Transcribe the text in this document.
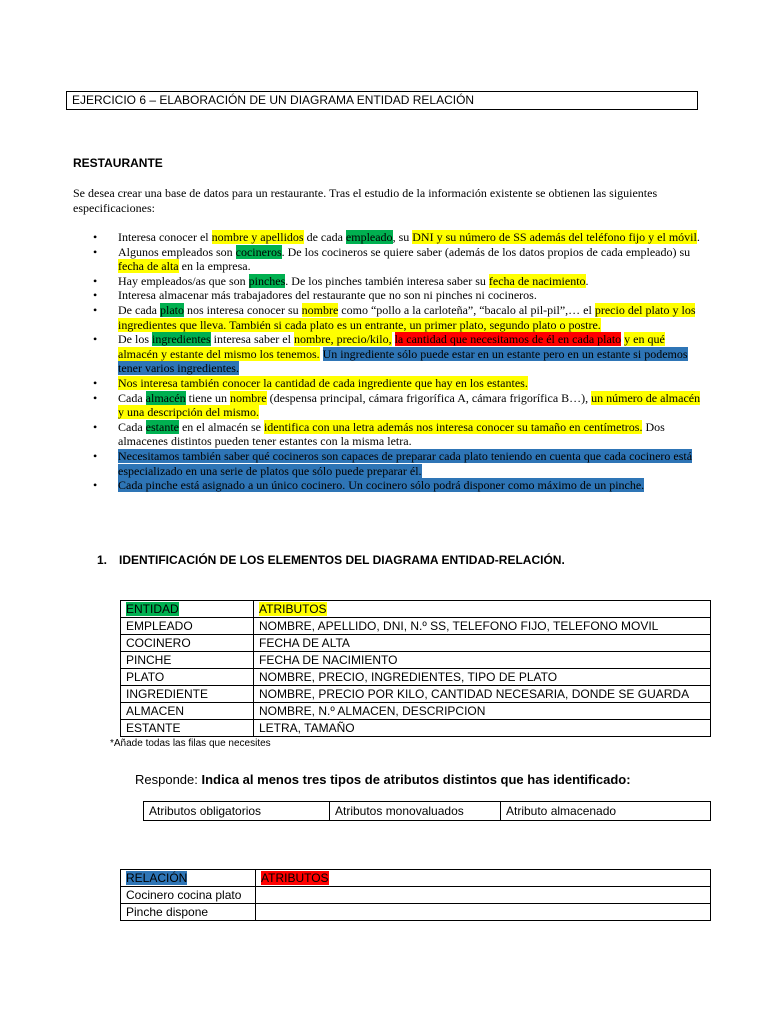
EJERCICIO 6 – ELABORACIÓN DE UN DIAGRAMA ENTIDAD RELACIÓN
RESTAURANTE
Se desea crear una base de datos para un restaurante. Tras el estudio de la información existente se obtienen las siguientes especificaciones:
• Interesa conocer el nombre y apellidos de cada empleado, su DNI y su número de SS además del teléfono fijo y el móvil.
• Algunos empleados son cocineros. De los cocineros se quiere saber (además de los datos propios de cada empleado) su fecha de alta en la empresa.
• Hay empleados/as que son pinches. De los pinches también interesa saber su fecha de nacimiento.
• Interesa almacenar más trabajadores del restaurante que no son ni pinches ni cocineros.
• De cada plato nos interesa conocer su nombre como “pollo a la carloteña”, “bacalo al pil-pil”,… el precio del plato y los ingredientes que lleva. También si cada plato es un entrante, un primer plato, segundo plato o postre.
• De los ingredientes interesa saber el nombre, precio/kilo, la cantidad que necesitamos de él en cada plato y en qué almacén y estante del mismo los tenemos. Un ingrediente sólo puede estar en un estante pero en un estante si podemos tener varios ingredientes.
• Nos interesa también conocer la cantidad de cada ingrediente que hay en los estantes.
• Cada almacén tiene un nombre (despensa principal, cámara frigorífica A, cámara frigorífica B…), un número de almacén y una descripción del mismo.
• Cada estante en el almacén se identifica con una letra además nos interesa conocer su tamaño en centímetros. Dos almacenes distintos pueden tener estantes con la misma letra.
• Necesitamos también saber qué cocineros son capaces de preparar cada plato teniendo en cuenta que cada cocinero está especializado en una serie de platos que sólo puede preparar él.
• Cada pinche está asignado a un único cocinero. Un cocinero sólo podrá disponer como máximo de un pinche.
1. IDENTIFICACIÓN DE LOS ELEMENTOS DEL DIAGRAMA ENTIDAD-RELACIÓN.
ENTIDAD	ATRIBUTOS
EMPLEADO	NOMBRE, APELLIDO, DNI, N.º SS, TELEFONO FIJO, TELEFONO MOVIL
COCINERO	FECHA DE ALTA
PINCHE	FECHA DE NACIMIENTO
PLATO	NOMBRE, PRECIO, INGREDIENTES, TIPO DE PLATO
INGREDIENTE	NOMBRE, PRECIO POR KILO, CANTIDAD NECESARIA, DONDE SE GUARDA
ALMACEN	NOMBRE, N.º ALMACEN, DESCRIPCION
ESTANTE	LETRA, TAMAÑO
*Añade todas las filas que necesites
Responde: Indica al menos tres tipos de atributos distintos que has identificado:
Atributos obligatorios	Atributos monovaluados	Atributo almacenado
RELACIÓN	ATRIBUTOS
Cocinero cocina plato	
Pinche dispone	
